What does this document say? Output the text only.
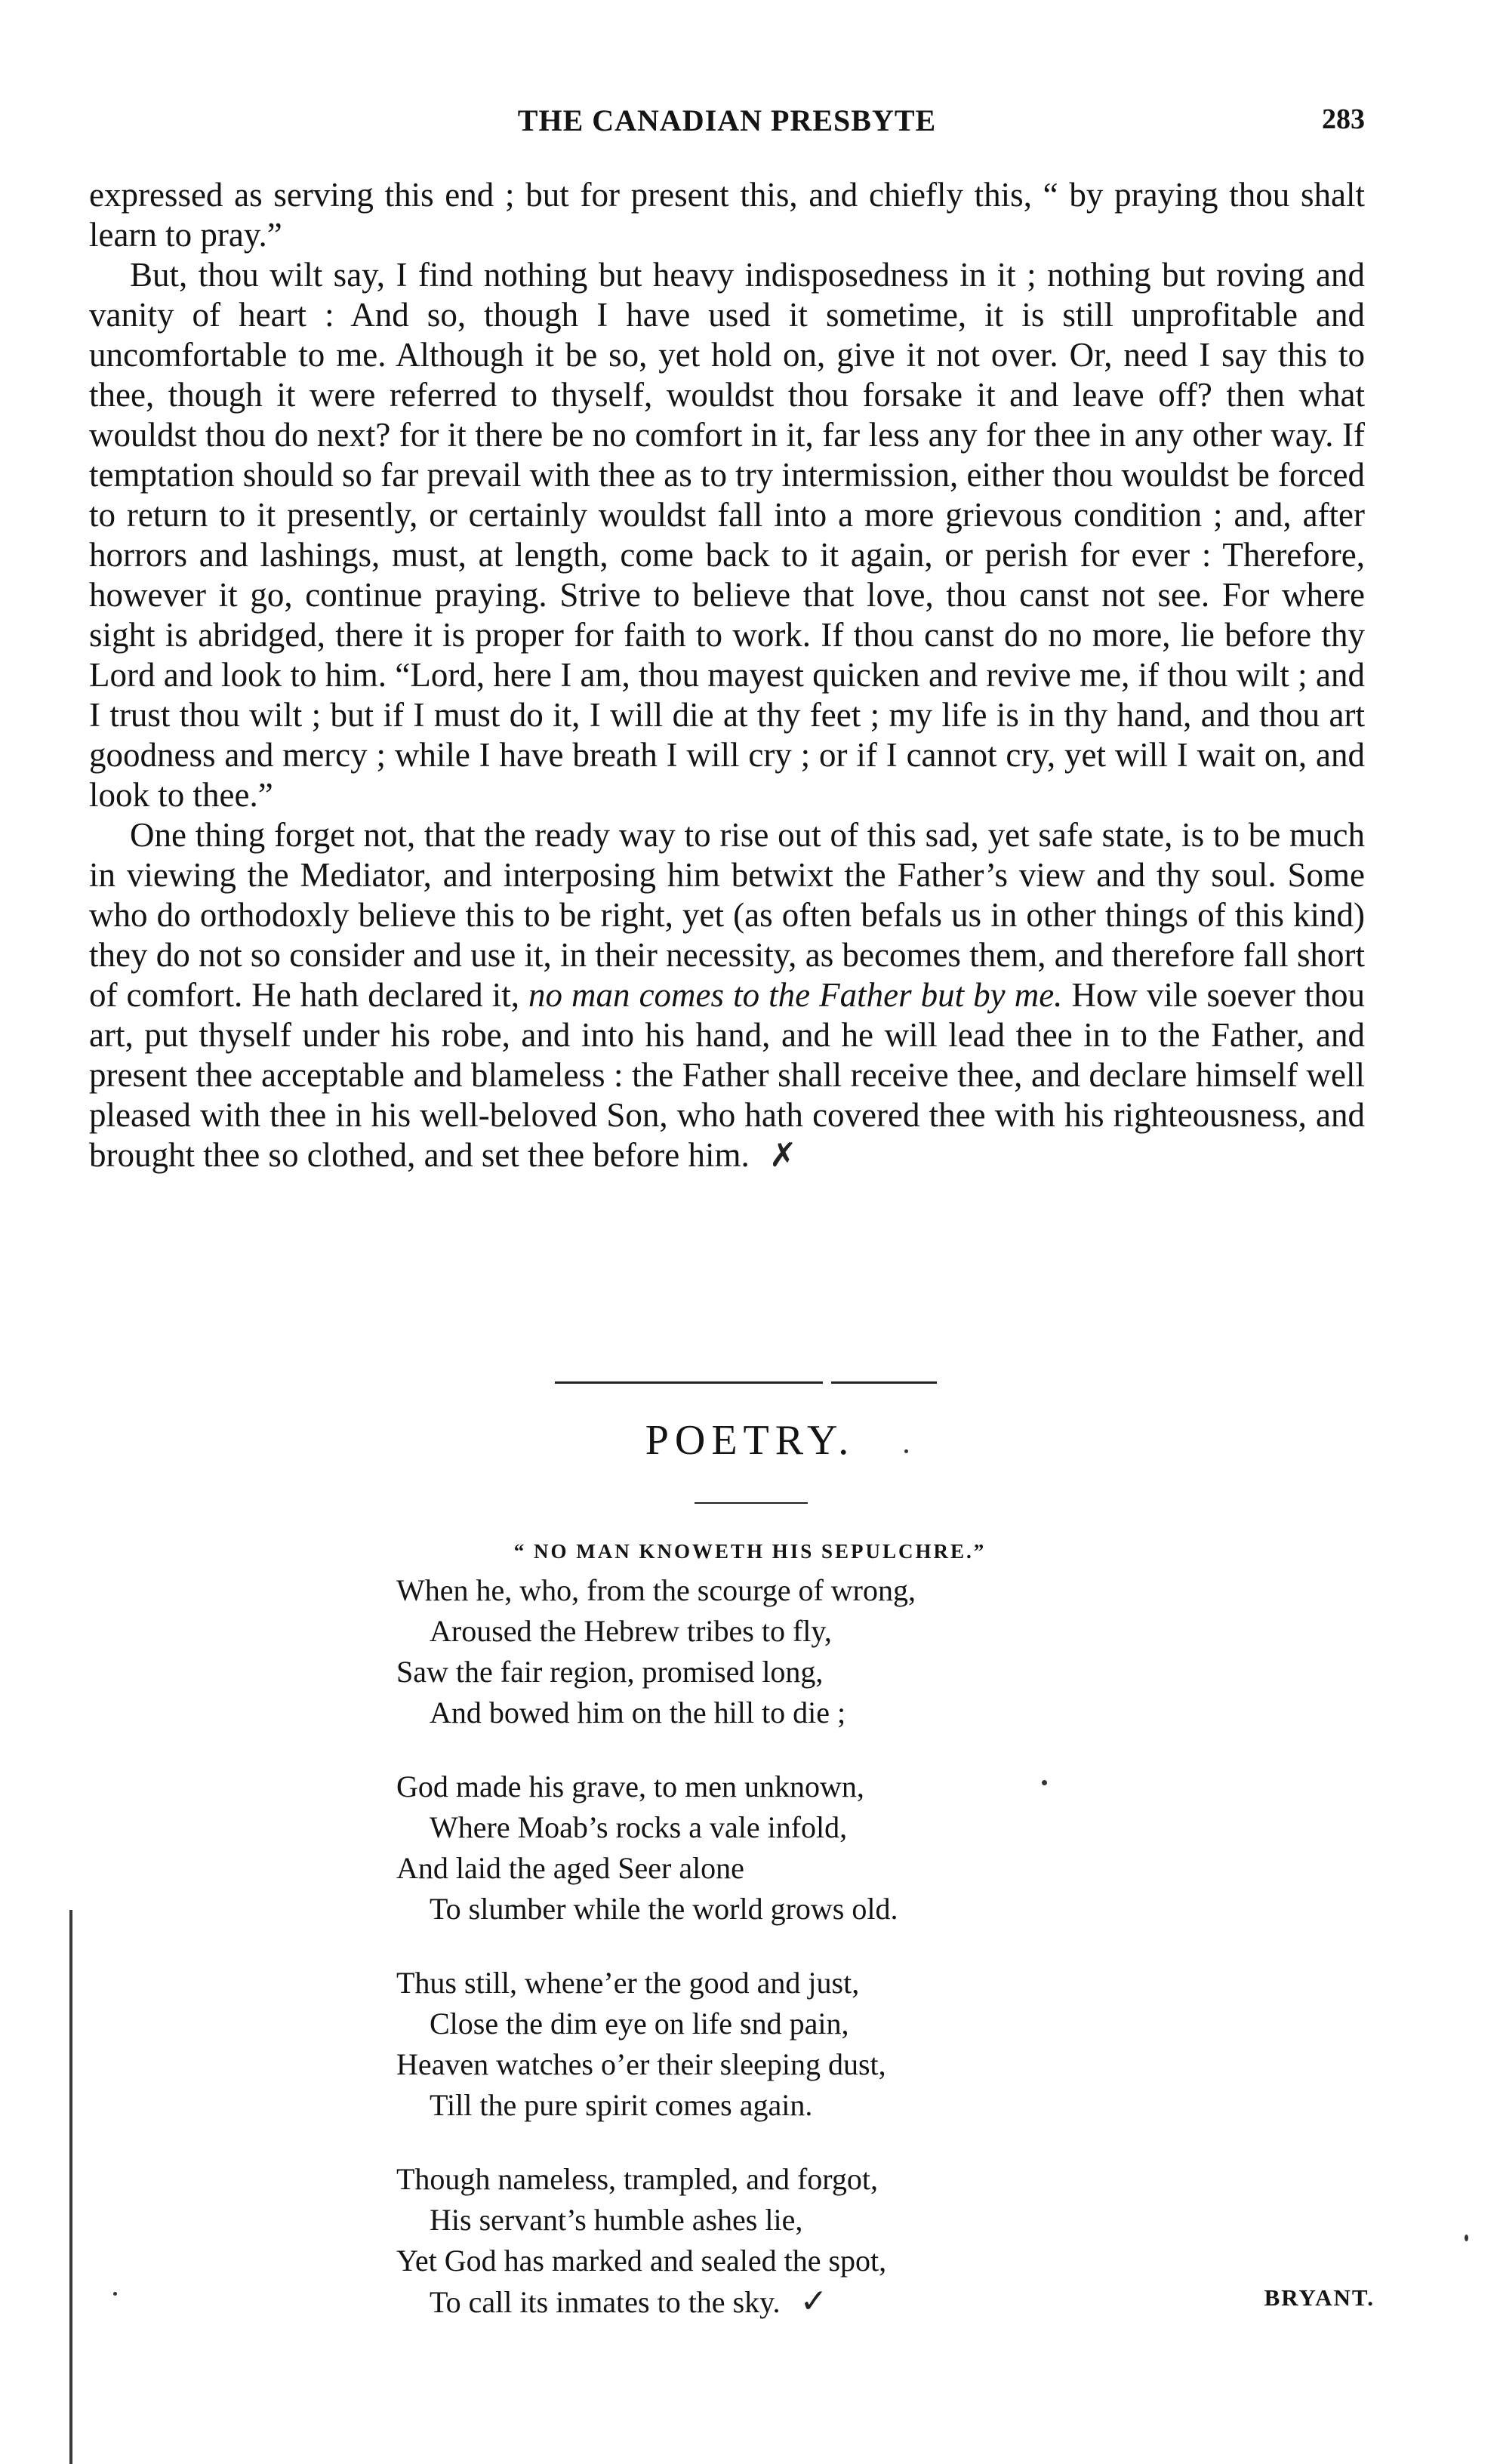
THE CANADIAN PRESBYTE	283

expressed as serving this end ; but for present this, and chiefly this, “ by praying thou shalt learn to pray.”

But, thou wilt say, I find nothing but heavy indisposedness in it ; nothing but roving and vanity of heart : And so, though I have used it sometime, it is still unprofitable and uncomfortable to me. Although it be so, yet hold on, give it not over. Or, need I say this to thee, though it were referred to thyself, wouldst thou forsake it and leave off? then what wouldst thou do next? for it there be no comfort in it, far less any for thee in any other way. If temptation should so far prevail with thee as to try intermission, either thou wouldst be forced to return to it presently, or certainly wouldst fall into a more grievous condition ; and, after horrors and lashings, must, at length, come back to it again, or perish for ever : Therefore, however it go, continue praying. Strive to believe that love, thou canst not see. For where sight is abridged, there it is proper for faith to work. If thou canst do no more, lie before thy Lord and look to him. “Lord, here I am, thou mayest quicken and revive me, if thou wilt ; and I trust thou wilt ; but if I must do it, I will die at thy feet ; my life is in thy hand, and thou art goodness and mercy ; while I have breath I will cry ; or if I cannot cry, yet will I wait on, and look to thee.”

One thing forget not, that the ready way to rise out of this sad, yet safe state, is to be much in viewing the Mediator, and interposing him betwixt the Father’s view and thy soul. Some who do orthodoxly believe this to be right, yet (as often befals us in other things of this kind) they do not so consider and use it, in their necessity, as becomes them, and therefore fall short of comfort. He hath declared it, no man comes to the Father but by me. How vile soever thou art, put thyself under his robe, and into his hand, and he will lead thee in to the Father, and present thee acceptable and blameless : the Father shall receive thee, and declare himself well pleased with thee in his well-beloved Son, who hath covered thee with his righteousness, and brought thee so clothed, and set thee before him. ✗

POETRY.
“ NO MAN KNOWETH HIS SEPULCHRE.”
When he, who, from the scourge of wrong,
Aroused the Hebrew tribes to fly,
Saw the fair region, promised long,
And bowed him on the hill to die ;
God made his grave, to men unknown,
Where Moab’s rocks a vale infold,
And laid the aged Seer alone
To slumber while the world grows old.
Thus still, whene’er the good and just,
Close the dim eye on life snd pain,
Heaven watches o’er their sleeping dust,
Till the pure spirit comes again.
Though nameless, trampled, and forgot,
His servant’s humble ashes lie,
Yet God has marked and sealed the spot,
To call its inmates to the sky. ✓	BRYANT.
